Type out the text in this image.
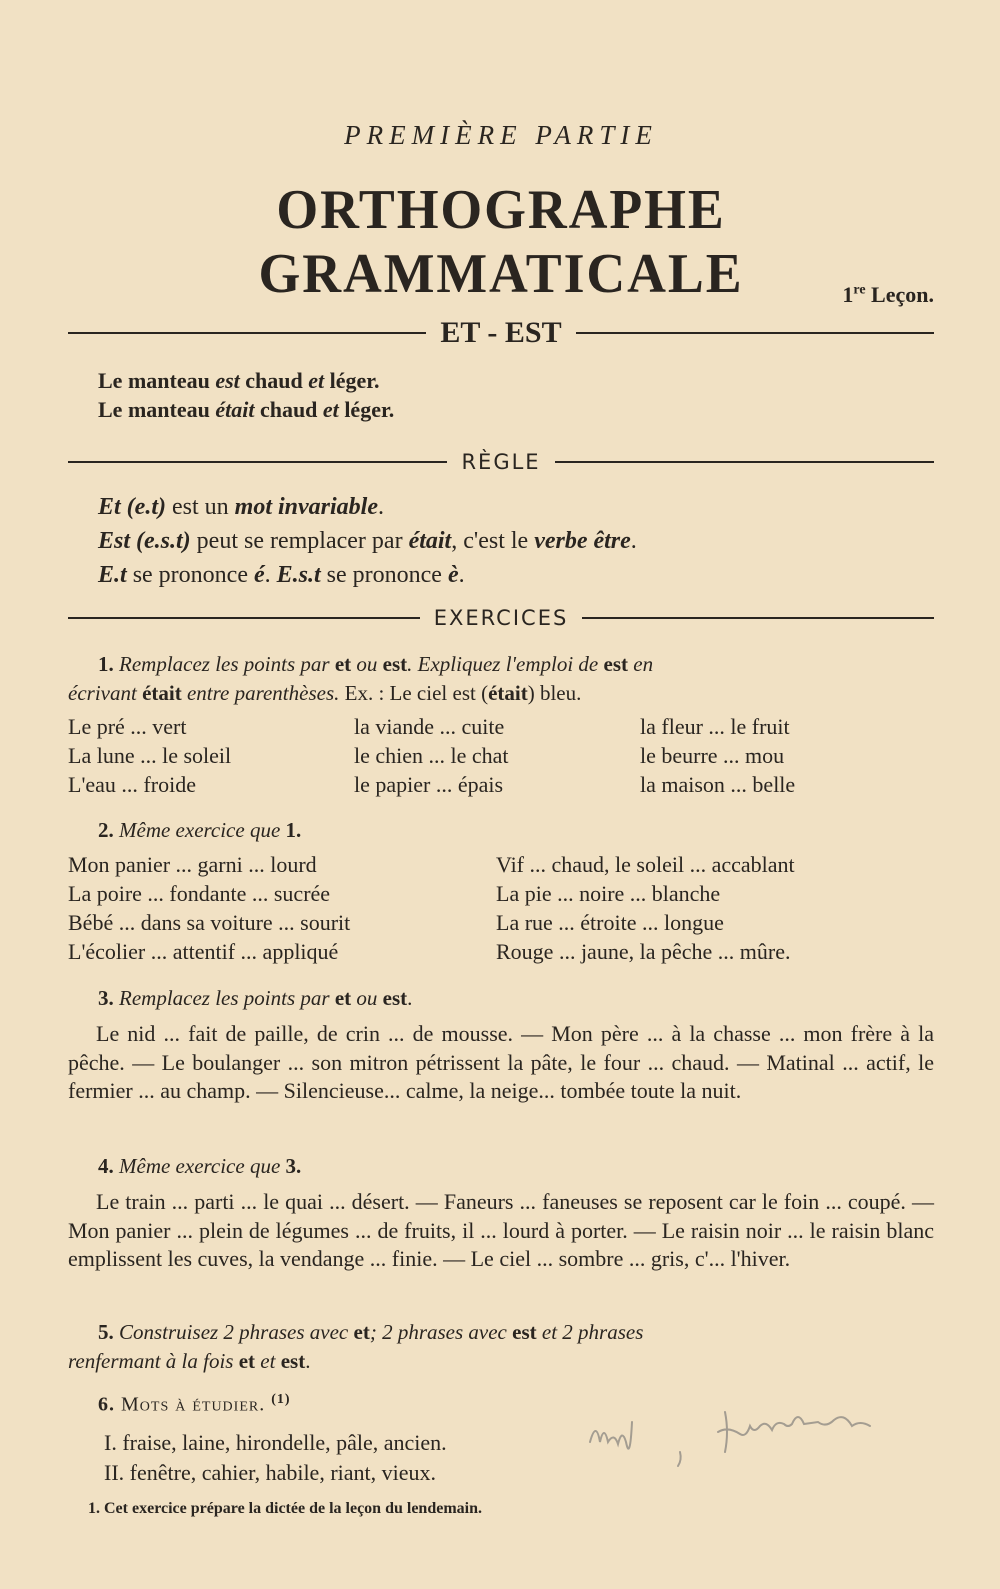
PREMIÈRE PARTIE
ORTHOGRAPHE GRAMMATICALE	1re Leçon.
ET - EST
Le manteau est chaud et léger.
Le manteau était chaud et léger.
RÈGLE
Et (e.t) est un mot invariable.
Est (e.s.t) peut se remplacer par était, c'est le verbe être.
E.t se prononce é. E.s.t se prononce è.
EXERCICES
1. Remplacez les points par et ou est. Expliquez l'emploi de est en
écrivant était entre parenthèses. Ex. : Le ciel est (était) bleu.
Le pré ... vert	la viande ... cuite	la fleur ... le fruit
La lune ... le soleil	le chien ... le chat	le beurre ... mou
L'eau ... froide	le papier ... épais	la maison ... belle
2. Même exercice que 1.
Mon panier ... garni ... lourd	Vif ... chaud, le soleil ... accablant
La poire ... fondante ... sucrée	La pie ... noire ... blanche
Bébé ... dans sa voiture ... sourit	La rue ... étroite ... longue
L'écolier ... attentif ... appliqué	Rouge ... jaune, la pêche ... mûre.
3. Remplacez les points par et ou est.
Le nid ... fait de paille, de crin ... de mousse. — Mon père ... à la chasse ... mon frère à la pêche. — Le boulanger ... son mitron pétrissent la pâte, le four ... chaud. — Matinal ... actif, le fermier ... au champ. — Silencieuse... calme, la neige... tombée toute la nuit.
4. Même exercice que 3.
Le train ... parti ... le quai ... désert. — Faneurs ... faneuses se reposent car le foin ... coupé. — Mon panier ... plein de légumes ... de fruits, il ... lourd à porter. — Le raisin noir ... le raisin blanc emplissent les cuves, la vendange ... finie. — Le ciel ... sombre ... gris, c'... l'hiver.
5. Construisez 2 phrases avec et; 2 phrases avec est et 2 phrases
renfermant à la fois et et est.
6. Mots à étudier. $^{(1)}$
I. fraise, laine, hirondelle, pâle, ancien.
II. fenêtre, cahier, habile, riant, vieux.
1. Cet exercice prépare la dictée de la leçon du lendemain.
